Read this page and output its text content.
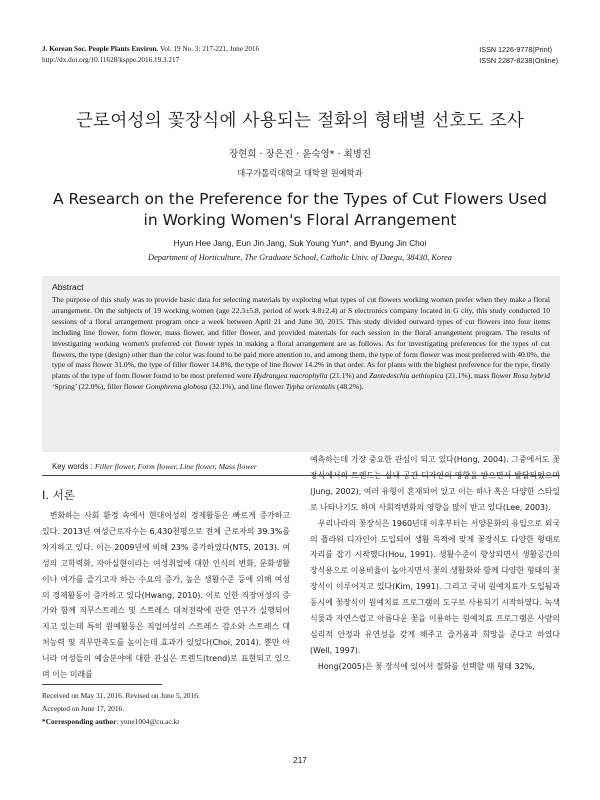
J. Korean Soc. People Plants Environ. Vol. 19 No. 3: 217-221, June 2016
http://dx.doi.org/10.11628/ksppe.2016.19.3.217
ISSN 1226-9778(Print)
ISSN 2287-8238(Online)
근로여성의 꽃장식에 사용되는 절화의 형태별 선호도 조사
장현희 · 장은진 · 윤숙영* · 최병진
대구가톨릭대학교 대학원 원예학과
A Research on the Preference for the Types of Cut Flowers Used
in Working Women's Floral Arrangement
Hyun Hee Jang, Eun Jin Jang, Suk Young Yun*, and Byung Jin Choi
Department of Horticulture, The Graduate School, Catholic Univ. of Daegu, 38430, Korea
Abstract

The purpose of this study was to provide basic data for selecting materials by exploring what types of cut flowers working women prefer when they make a floral arrangement. On the subjects of 19 working women (age 22.3±5.8, period of work 4.8±2.4) at S electronics company located in G city, this study conducted 10 sessions of a floral arrangement program once a week between April 21 and June 30, 2015. This study divided outward types of cut flowers into four items including line flower, form flower, mass flower, and filler flower, and provided materials for each session in the floral arrangement program. The results of investigating working women's preferred cut flower types in making a floral arrangement are as follows. As for investigating preferences for the types of cut flowers, the type (design) other than the color was found to be paid more attention to, and among them, the type of form flower was most preferred with 40.0%, the type of mass flower 31.0%, the type of filler flower 14.8%, the type of line flower 14.2% in that order. As for plants with the highest preference for the type, firstly plants of the type of form flower found to be most preferred were Hydrangea macrophylla (21.1%) and Zantedeschia aethiopica (21.1%), mass flower Rosa hybrid ‘Spring’ (22.0%), filler flower Gomphrena globosa (32.1%), and line flower Typha orientalis (48.2%).

Key words : Filler flower, Form flower, Line flower, Mass flower
Ⅰ. 서론

변화하는 사회 환경 속에서 현대여성의 경제활동은 빠르게 증가하고 있다. 2013년 여성근로자수는 6,430천명으로 전체 근로자의 39.3%를 차지하고 있다. 이는 2009년에 비해 23% 증가하였다(NTS, 2013). 여성의 고학력화, 자아실현이라는 여성취업에 대한 인식의 변화, 문화생활이나 여가를 즐기고자 하는 수요의 증가, 높은 생활수준 등에 의해 여성의 경제활동이 증가하고 있다(Hwang, 2010). 이로 인한 직장여성의 증가와 함께 직무스트레스 및 스트레스 대처전략에 관한 연구가 실행되어지고 있는데 특히 원예활동은 직업여성의 스트레스 감소와 스트레스 대처능력 및 직무만족도를 높이는데 효과가 있었다(Choi, 2014). 뿐만 아니라 여성들의 예술분야에 대한 관심은 트렌드(trend)로 표현되고 있으며 이는 미래를

예측하는데 가장 중요한 관심이 되고 있다(Hong, 2004). 그중에서도 꽃장식에서의 트렌드는 실내 공간 디자인의 영향을 받으면서 발달되었으며(Jung, 2002), 여러 유형이 혼재되어 있고 이는 하나 혹은 다양한 스타일로 나타나기도 하며 사회적변화의 영향을 많이 받고 있다(Lee, 2003).

우리나라의 꽃장식은 1960년대 이후부터는 서양문화의 유입으로 외국의 플라워 디자인이 도입되어 생활 목적에 맞게 꽃장식도 다양한 형태로 자리를 잡기 시작했다(Hou, 1991). 생활수준이 향상되면서 생활공간의 장식용으로 이용비율이 높아지면서 꽃의 생활화와 함께 다양한 형태의 꽃장식이 이루어지고 있다(Kim, 1991). 그리고 국내 원예치료가 도입됨과 동시에 꽃장식이 원예치료 프로그램의 도구로 사용되기 시작하였다. 녹색식물과 자연스럽고 아름다운 꽃을 이용하는 원예치료 프로그램은 사람의 심리적 안정과 유연성을 갖게 해주고 즐거움과 희망을 준다고 하였다(Well, 1997).

Hong(2005)은 꽃 장식에 있어서 절화를 선택할 때 형태 32%,

Received on May 31, 2016. Revised on June 5, 2016.
Accepted on June 17, 2016.
*Corresponding author: yune1004@cu.ac.kr
217
